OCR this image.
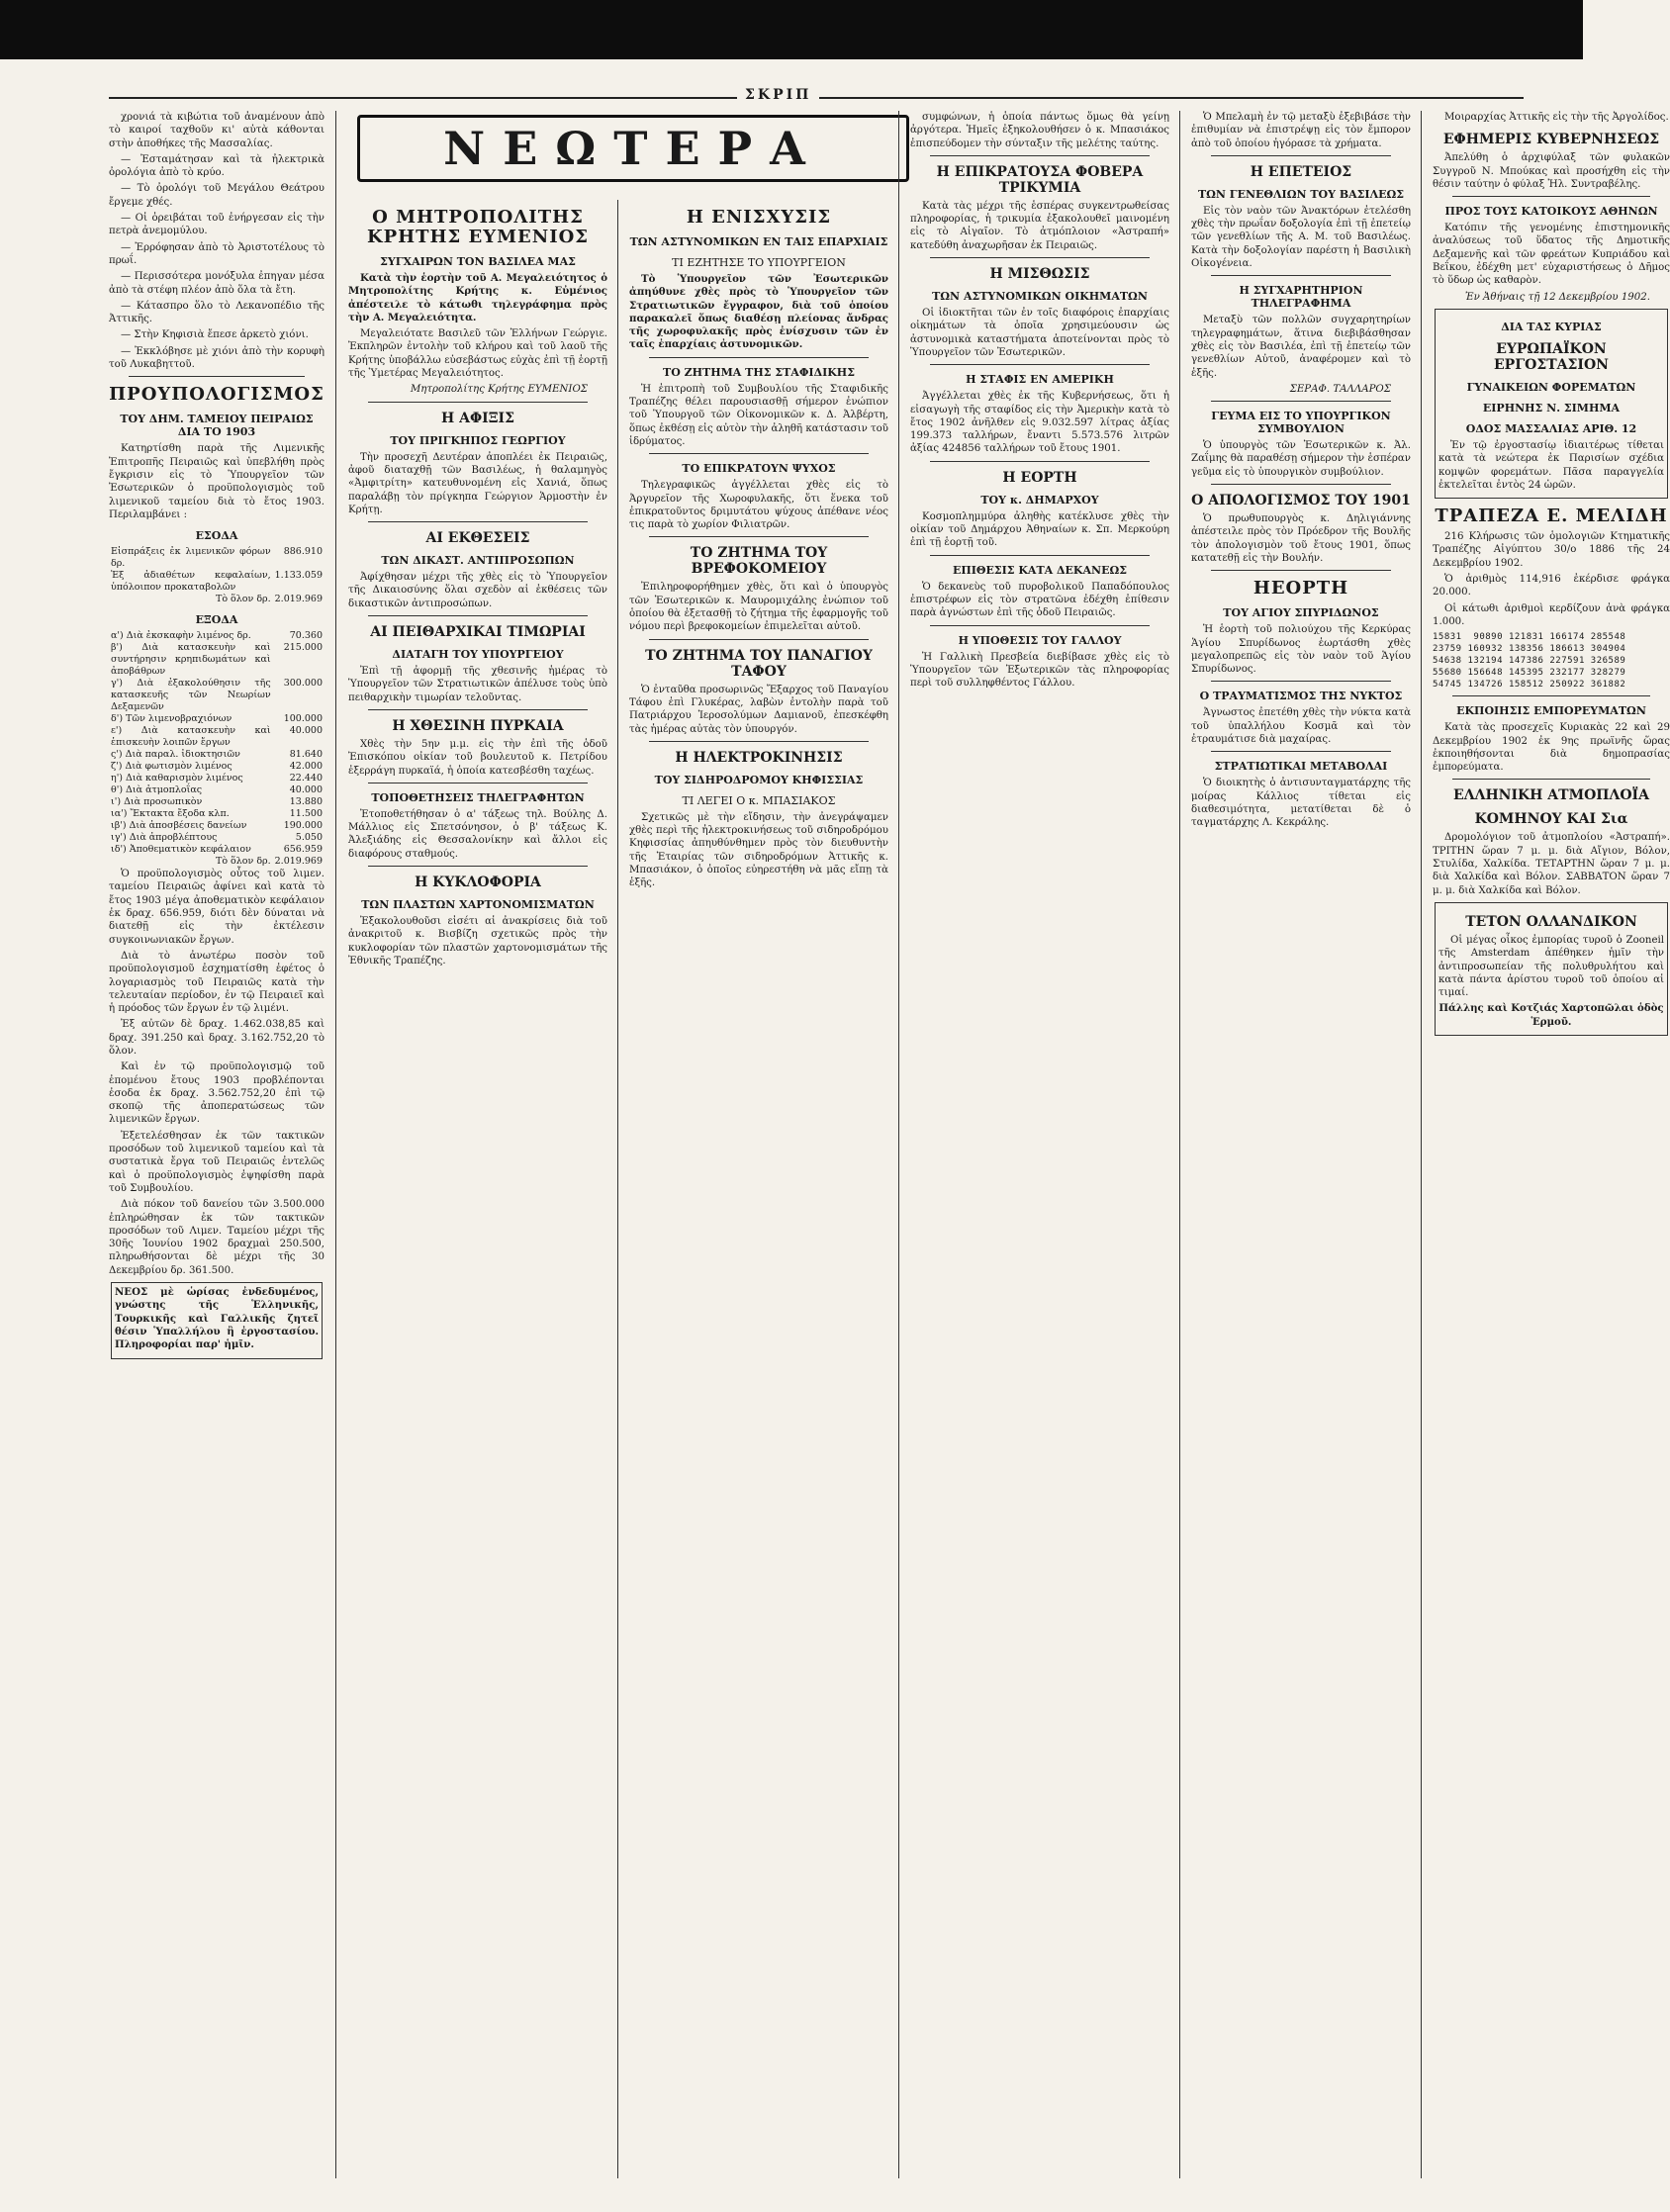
ΣΚΡΙΠ

χρονιά τὰ κιβώτια τοῦ ἀναμένουν ἀπὸ τὸ καιροί ταχθοῦν κι' αὐτὰ κάθονται στὴν ἀποθήκες τῆς Μασσαλίας.

— Ἐσταμάτησαν καὶ τὰ ἠλεκτρικὰ ὀρολόγια ἀπὸ τὸ κρύο.

— Τὸ ὀρολόγι τοῦ Μεγάλου Θεάτρου ἔργεμε χθές.

— Οἱ ὀρειβάται τοῦ ἐνήργεσαν εἰς τὴν πετρὰ ἀνεμομύλου.

— Ἐρρόφησαν ἀπὸ τὸ Ἀριστοτέλους τὸ πρωΐ.

— Περισσότερα μονόξυλα ἐπηγαν μέσα ἀπὸ τὰ στέφη πλέον ἀπὸ ὅλα τὰ ἔτη.

— Κάτασπρο ὅλο τὸ Λεκανοπέδιο τῆς Ἀττικῆς.

— Στὴν Κηφισιὰ ἔπεσε ἀρκετὸ χιόνι.

— Ἐκκλόβησε μὲ χιόνι ἀπὸ τὴν κορυφὴ τοῦ Λυκαβηττοῦ.

ΠΡΟΥΠΟΛΟΓΙΣΜΟΣ
ΤΟΥ ΔΗΜ. ΤΑΜΕΙΟΥ ΠΕΙΡΑΙΩΣ ΔΙΑ ΤΟ 1903

Κατηρτίσθη παρὰ τῆς Λιμενικῆς Ἐπιτροπῆς Πειραιῶς καὶ ὑπεβλήθη πρὸς ἔγκρισιν εἰς τὸ Ὑπουργεῖον τῶν Ἐσωτερικῶν ὁ προϋπολογισμὸς τοῦ λιμενικοῦ ταμείου διὰ τὸ ἔτος 1903. Περιλαμβάνει :

ΕΣΟΔΑ
Εἰσπράξεις ἐκ λιμενικῶν φόρων δρ.	886.910
Ἐξ ἀδιαθέτων κεφαλαίων, ὑπόλοιπον προκαταβολῶν	1.133.059
Τὸ ὅλον δρ.	2.019.969
ΕΞΟΔΑ
α') Διὰ ἐκσκαφὴν λιμένος δρ.	70.360
β') Διὰ κατασκευὴν καὶ συντήρησιν κρηπιδωμάτων καὶ ἀποβάθρων	215.000
γ') Διὰ ἐξακολούθησιν τῆς κατασκευῆς τῶν Νεωρίων Δεξαμενῶν	300.000
δ') Τῶν λιμενοβραχιόνων	100.000
ε') Διὰ κατασκευὴν καὶ ἐπισκευὴν λοιπῶν ἔργων	40.000
ς') Διὰ παραλ. ἰδιοκτησιῶν	81.640
ζ') Διὰ φωτισμὸν λιμένος	42.000
η') Διὰ καθαρισμὸν λιμένος	22.440
θ') Διὰ ἀτμοπλοΐας	40.000
ι') Διὰ προσωπικὸν	13.880
ια') Ἔκτακτα ἔξοδα κλπ.	11.500
ιβ') Διὰ ἀποσβέσεις δανείων	190.000
ιγ') Διὰ ἀπροβλέπτους	5.050
ιδ') Ἀποθεματικὸν κεφάλαιον	656.959
Τὸ ὅλον δρ.	2.019.969

Ὁ προϋπολογισμὸς οὗτος τοῦ λιμεν. ταμείου Πειραιῶς ἀφίνει καὶ κατὰ τὸ ἔτος 1903 μέγα ἀποθεματικὸν κεφάλαιον ἐκ δραχ. 656.959, διότι δὲν δύναται νὰ διατεθῇ εἰς τὴν ἐκτέλεσιν συγκοινωνιακῶν ἔργων.

Διὰ τὸ ἀνωτέρω ποσὸν τοῦ προϋπολογισμοῦ ἐσχηματίσθη ἐφέτος ὁ λογαριασμὸς τοῦ Πειραιῶς κατὰ τὴν τελευταίαν περίοδον, ἐν τῷ Πειραιεῖ καὶ ἡ πρόοδος τῶν ἔργων ἐν τῷ λιμένι.

Ἐξ αὐτῶν δὲ δραχ. 1.462.038,85 καὶ δραχ. 391.250 καὶ δραχ. 3.162.752,20 τὸ ὅλον.

Καὶ ἐν τῷ προϋπολογισμῷ τοῦ ἐπομένου ἔτους 1903 προβλέπονται ἐσοδα ἐκ δραχ. 3.562.752,20 ἐπὶ τῷ σκοπῷ τῆς ἀποπερατώσεως τῶν λιμενικῶν ἔργων.

Ἐξετελέσθησαν ἐκ τῶν τακτικῶν προσόδων τοῦ λιμενικοῦ ταμείου καὶ τὰ συστατικὰ ἔργα τοῦ Πειραιῶς ἐντελῶς καὶ ὁ προϋπολογισμὸς ἐψηφίσθη παρὰ τοῦ Συμβουλίου.

Διὰ πόκον τοῦ δανείου τῶν 3.500.000 ἐπληρώθησαν ἐκ τῶν τακτικῶν προσόδων τοῦ Λιμεν. Ταμείου μέχρι τῆς 30ῆς Ἰουνίου 1902 δραχμαὶ 250.500, πληρωθήσονται δὲ μέχρι τῆς 30 Δεκεμβρίου δρ. 361.500.

ΝΕΟΣ μὲ ὡρίσας ἐνδεδυμένος, γνώστης τῆς Ἑλληνικῆς, Τουρκικῆς καὶ Γαλλικῆς ζητεῖ θέσιν Ὑπαλλήλου ἢ ἐργοστασίου. Πληροφορίαι παρ' ἡμῖν.

ΝΕΩΤΕΡΑ
Ο ΜΗΤΡΟΠΟΛΙΤΗΣ ΚΡΗΤΗΣ ΕΥΜΕΝΙΟΣ
ΣΥΓΧΑΙΡΩΝ ΤΟΝ ΒΑΣΙΛΕΑ ΜΑΣ

Κατὰ τὴν ἑορτὴν τοῦ Α. Μεγαλειότητος ὁ Μητροπολίτης Κρήτης κ. Εὐμένιος ἀπέστειλε τὸ κάτωθι τηλεγράφημα πρὸς τὴν Α. Μεγαλειότητα.

Μεγαλειότατε Βασιλεῦ τῶν Ἑλλήνων Γεώργιε. Ἐκπληρῶν ἐντολὴν τοῦ κλήρου καὶ τοῦ λαοῦ τῆς Κρήτης ὑποβάλλω εὐσεβάστως εὐχὰς ἐπὶ τῇ ἑορτῇ τῆς Ὑμετέρας Μεγαλειότητος.

Μητροπολίτης Κρήτης ΕΥΜΕΝΙΟΣ
Η ΑΦΙΞΙΣ
ΤΟΥ ΠΡΙΓΚΗΠΟΣ ΓΕΩΡΓΙΟΥ

Τὴν προσεχῆ Δευτέραν ἀποπλέει ἐκ Πειραιῶς, ἀφοῦ διαταχθῇ τῶν Βασιλέως, ἡ θαλαμηγὸς «Ἀμφιτρίτη» κατευθυνομένη εἰς Χανιά, ὅπως παραλάβῃ τὸν πρίγκηπα Γεώργιον Ἁρμοστὴν ἐν Κρήτῃ.

ΑΙ ΕΚΘΕΣΕΙΣ
ΤΩΝ ΔΙΚΑΣΤ. ΑΝΤΙΠΡΟΣΩΠΩΝ

Ἀφίχθησαν μέχρι τῆς χθὲς εἰς τὸ Ὑπουργεῖον τῆς Δικαιοσύνης ὅλαι σχεδὸν αἱ ἐκθέσεις τῶν δικαστικῶν ἀντιπροσώπων.

ΑΙ ΠΕΙΘΑΡΧΙΚΑΙ ΤΙΜΩΡΙΑΙ
ΔΙΑΤΑΓΗ ΤΟΥ ΥΠΟΥΡΓΕΙΟΥ

Ἐπὶ τῇ ἀφορμῇ τῆς χθεσινῆς ἡμέρας τὸ Ὑπουργεῖον τῶν Στρατιωτικῶν ἀπέλυσε τοὺς ὑπὸ πειθαρχικὴν τιμωρίαν τελοῦντας.

Η ΧΘΕΣΙΝΗ ΠΥΡΚΑΙΑ

Χθὲς τὴν 5ην μ.μ. εἰς τὴν ἐπὶ τῆς ὁδοῦ Ἐπισκόπου οἰκίαν τοῦ βουλευτοῦ κ. Πετρίδου ἐξερράγη πυρκαϊά, ἡ ὁποία κατεσβέσθη ταχέως.

ΤΟΠΟΘΕΤΗΣΕΙΣ ΤΗΛΕΓΡΑΦΗΤΩΝ

Ἐτοποθετήθησαν ὁ α' τάξεως τηλ. Βούλης Δ. Μάλλιος εἰς Σπετσόνησον, ὁ β' τάξεως Κ. Ἀλεξιάδης εἰς Θεσσαλονίκην καὶ ἄλλοι εἰς διαφόρους σταθμούς.

Η ΚΥΚΛΟΦΟΡΙΑ
ΤΩΝ ΠΛΑΣΤΩΝ ΧΑΡΤΟΝΟΜΙΣΜΑΤΩΝ

Ἐξακολουθοῦσι εἰσέτι αἱ ἀνακρίσεις διὰ τοῦ ἀνακριτοῦ κ. Βισβίζη σχετικῶς πρὸς τὴν κυκλοφορίαν τῶν πλαστῶν χαρτονομισμάτων τῆς Ἐθνικῆς Τραπέζης.

Η ΕΝΙΣΧΥΣΙΣ
ΤΩΝ ΑΣΤΥΝΟΜΙΚΩΝ ΕΝ ΤΑΙΣ ΕΠΑΡΧΙΑΙΣ
ΤΙ ΕΖΗΤΗΣΕ ΤΟ ΥΠΟΥΡΓΕΙΟΝ

Τὸ Ὑπουργεῖον τῶν Ἐσωτερικῶν ἀπηύθυνε χθὲς πρὸς τὸ Ὑπουργεῖον τῶν Στρατιωτικῶν ἔγγραφον, διὰ τοῦ ὁποίου παρακαλεῖ ὅπως διαθέσῃ πλείονας ἄνδρας τῆς χωροφυλακῆς πρὸς ἐνίσχυσιν τῶν ἐν ταῖς ἐπαρχίαις ἀστυνομικῶν.

ΤΟ ΖΗΤΗΜΑ ΤΗΣ ΣΤΑΦΙΔΙΚΗΣ

Ἡ ἐπιτροπὴ τοῦ Συμβουλίου τῆς Σταφιδικῆς Τραπέζης θέλει παρουσιασθῇ σήμερον ἐνώπιον τοῦ Ὑπουργοῦ τῶν Οἰκονομικῶν κ. Δ. Ἀλβέρτη, ὅπως ἐκθέσῃ εἰς αὐτὸν τὴν ἀληθῆ κατάστασιν τοῦ ἱδρύματος.

ΤΟ ΕΠΙΚΡΑΤΟΥΝ ΨΥΧΟΣ

Τηλεγραφικῶς ἀγγέλλεται χθὲς εἰς τὸ Ἀργυρεῖον τῆς Χωροφυλακῆς, ὅτι ἕνεκα τοῦ ἐπικρατοῦντος δριμυτάτου ψύχους ἀπέθανε νέος τις παρὰ τὸ χωρίον Φιλιατρῶν.

ΤΟ ΖΗΤΗΜΑ ΤΟΥ ΒΡΕΦΟΚΟΜΕΙΟΥ

Ἐπιληροφορήθημεν χθὲς, ὅτι καὶ ὁ ὑπουργὸς τῶν Ἐσωτερικῶν κ. Μαυρομιχάλης ἐνώπιον τοῦ ὁποίου θὰ ἐξετασθῇ τὸ ζήτημα τῆς ἐφαρμογῆς τοῦ νόμου περὶ βρεφοκομείων ἐπιμελεῖται αὐτοῦ.

ΤΟ ΖΗΤΗΜΑ ΤΟΥ ΠΑΝΑΓΙΟΥ ΤΑΦΟΥ

Ὁ ἐνταῦθα προσωρινῶς Ἔξαρχος τοῦ Παναγίου Τάφου ἐπὶ Γλυκέρας, λαβὼν ἐντολὴν παρὰ τοῦ Πατριάρχου Ἱεροσολύμων Δαμιανοῦ, ἐπεσκέφθη τὰς ἡμέρας αὐτὰς τὸν ὑπουργόν.

Η ΗΛΕΚΤΡΟΚΙΝΗΣΙΣ
ΤΟΥ ΣΙΔΗΡΟΔΡΟΜΟΥ ΚΗΦΙΣΣΙΑΣ
ΤΙ ΛΕΓΕΙ Ο κ. ΜΠΑΣΙΑΚΟΣ

Σχετικῶς μὲ τὴν εἴδησιν, τὴν ἀνεγράψαμεν χθὲς περὶ τῆς ἠλεκτροκινήσεως τοῦ σιδηροδρόμου Κηφισσίας ἀπηυθύνθημεν πρὸς τὸν διευθυντὴν τῆς Ἑταιρίας τῶν σιδηροδρόμων Ἀττικῆς κ. Μπασιάκον, ὁ ὁποῖος εὐηρεστήθη νὰ μᾶς εἴπῃ τὰ ἑξῆς.

συμφώνων, ἡ ὁποία πάντως ὅμως θὰ γείνῃ ἀργότερα. Ἡμεῖς ἐξηκολουθήσεν ὁ κ. Μπασιάκος ἐπισπεύδομεν τὴν σύνταξιν τῆς μελέτης ταύτης.

Η ΕΠΙΚΡΑΤΟΥΣΑ ΦΟΒΕΡΑ ΤΡΙΚΥΜΙΑ

Κατὰ τὰς μέχρι τῆς ἑσπέρας συγκεντρωθείσας πληροφορίας, ἡ τρικυμία ἐξακολουθεῖ μαινομένη εἰς τὸ Αἰγαῖον. Τὸ ἀτμόπλοιον «Ἀστραπή» κατεδύθη ἀναχωρῆσαν ἐκ Πειραιῶς.

Η ΜΙΣΘΩΣΙΣ
ΤΩΝ ΑΣΤΥΝΟΜΙΚΩΝ ΟΙΚΗΜΑΤΩΝ

Οἱ ἰδιοκτῆται τῶν ἐν τοῖς διαφόροις ἐπαρχίαις οἰκημάτων τὰ ὁποῖα χρησιμεύουσιν ὡς ἀστυνομικὰ καταστήματα ἀποτείνονται πρὸς τὸ Ὑπουργεῖον τῶν Ἐσωτερικῶν.

Η ΣΤΑΦΙΣ ΕΝ ΑΜΕΡΙΚΗ

Ἀγγέλλεται χθὲς ἐκ τῆς Κυβερνήσεως, ὅτι ἡ εἰσαγωγὴ τῆς σταφίδος εἰς τὴν Ἀμερικὴν κατὰ τὸ ἔτος 1902 ἀνῆλθεν εἰς 9.032.597 λίτρας ἀξίας 199.373 ταλλήρων, ἔναντι 5.573.576 λιτρῶν ἀξίας 424856 ταλλήρων τοῦ ἔτους 1901.

Η ΕΟΡΤΗ
ΤΟΥ κ. ΔΗΜΑΡΧΟΥ

Κοσμοπλημμύρα ἀληθὴς κατέκλυσε χθὲς τὴν οἰκίαν τοῦ Δημάρχου Ἀθηναίων κ. Σπ. Μερκούρη ἐπὶ τῇ ἑορτῇ τοῦ.

ΕΠΙΘΕΣΙΣ ΚΑΤΑ ΔΕΚΑΝΕΩΣ

Ὁ δεκανεὺς τοῦ πυροβολικοῦ Παπαδόπουλος ἐπιστρέφων εἰς τὸν στρατῶνα ἐδέχθη ἐπίθεσιν παρὰ ἀγνώστων ἐπὶ τῆς ὁδοῦ Πειραιῶς.

Η ΥΠΟΘΕΣΙΣ ΤΟΥ ΓΑΛΛΟΥ

Ἡ Γαλλικὴ Πρεσβεία διεβίβασε χθὲς εἰς τὸ Ὑπουργεῖον τῶν Ἐξωτερικῶν τὰς πληροφορίας περὶ τοῦ συλληφθέντος Γάλλου.

Ὁ Μπελαμὴ ἐν τῷ μεταξὺ ἐξεβιβάσε τὴν ἐπιθυμίαν νὰ ἐπιστρέψῃ εἰς τὸν ἔμπορον ἀπὸ τοῦ ὁποίου ἠγόρασε τὰ χρήματα.

Η ΕΠΕΤΕΙΟΣ
ΤΩΝ ΓΕΝΕΘΛΙΩΝ ΤΟΥ ΒΑΣΙΛΕΩΣ

Εἰς τὸν ναὸν τῶν Ἀνακτόρων ἐτελέσθη χθὲς τὴν πρωΐαν δοξολογία ἐπὶ τῇ ἐπετείῳ τῶν γενεθλίων τῆς Α. Μ. τοῦ Βασιλέως. Κατὰ τὴν δοξολογίαν παρέστη ἡ Βασιλικὴ Οἰκογένεια.

Η ΣΥΓΧΑΡΗΤΗΡΙΟΝ ΤΗΛΕΓΡΑΦΗΜΑ

Μεταξὺ τῶν πολλῶν συγχαρητηρίων τηλεγραφημάτων, ἅτινα διεβιβάσθησαν χθὲς εἰς τὸν Βασιλέα, ἐπὶ τῇ ἐπετείῳ τῶν γενεθλίων Αὐτοῦ, ἀναφέρομεν καὶ τὸ ἑξῆς.

ΣΕΡΑΦ. ΤΑΛΛΑΡΟΣ
ΓΕΥΜΑ ΕΙΣ ΤΟ ΥΠΟΥΡΓΙΚΟΝ ΣΥΜΒΟΥΛΙΟΝ

Ὁ ὑπουργὸς τῶν Ἐσωτερικῶν κ. Ἀλ. Ζαΐμης θὰ παραθέσῃ σήμερον τὴν ἑσπέραν γεῦμα εἰς τὸ ὑπουργικὸν συμβούλιον.

Ο ΑΠΟΛΟΓΙΣΜΟΣ ΤΟΥ 1901

Ὁ πρωθυπουργὸς κ. Δηλιγιάννης ἀπέστειλε πρὸς τὸν Πρόεδρον τῆς Βουλῆς τὸν ἀπολογισμὸν τοῦ ἔτους 1901, ὅπως κατατεθῇ εἰς τὴν Βουλήν.

ΗΕΟΡΤΗ
ΤΟΥ ΑΓΙΟΥ ΣΠΥΡΙΔΩΝΟΣ

Ἡ ἑορτὴ τοῦ πολιούχου τῆς Κερκύρας Ἁγίου Σπυρίδωνος ἑωρτάσθη χθὲς μεγαλοπρεπῶς εἰς τὸν ναὸν τοῦ Ἁγίου Σπυρίδωνος.

Ο ΤΡΑΥΜΑΤΙΣΜΟΣ ΤΗΣ ΝΥΚΤΟΣ

Ἀγνωστος ἐπετέθη χθὲς τὴν νύκτα κατὰ τοῦ ὑπαλλήλου Κοσμᾶ καὶ τὸν ἐτραυμάτισε διὰ μαχαίρας.

ΣΤΡΑΤΙΩΤΙΚΑΙ ΜΕΤΑΒΟΛΑΙ

Ὁ διοικητὴς ὁ ἀντισυνταγματάρχης τῆς μοίρας Κάλλιος τίθεται εἰς διαθεσιμότητα, μετατίθεται δὲ ὁ ταγματάρχης Λ. Κεκράλης.

Μοιραρχίας Ἀττικῆς εἰς τὴν τῆς Ἀργολίδος.

ΕΦΗΜΕΡΙΣ ΚΥΒΕΡΝΗΣΕΩΣ

Ἀπελύθη ὁ ἀρχιφύλαξ τῶν φυλακῶν Συγγροῦ Ν. Μπούκας καὶ προσήχθη εἰς τὴν θέσιν ταύτην ὁ φύλαξ Ἠλ. Συντραβέλης.

ΠΡΟΣ ΤΟΥΣ ΚΑΤΟΙΚΟΥΣ ΑΘΗΝΩΝ

Κατόπιν τῆς γενομένης ἐπιστημονικῆς ἀναλύσεως τοῦ ὕδατος τῆς Δημοτικῆς Δεξαμενῆς καὶ τῶν φρεάτων Κυπριάδου καὶ Βεΐκου, ἐδέχθη μετ' εὐχαριστήσεως ὁ Δῆμος τὸ ὕδωρ ὡς καθαρὸν.

Ἐν Ἀθήναις τῇ 12 Δεκεμβρίου 1902.
ΔΙΑ ΤΑΣ ΚΥΡΙΑΣ
ΕΥΡΩΠΑΪΚΟΝ ΕΡΓΟΣΤΑΣΙΟΝ
ΓΥΝΑΙΚΕΙΩΝ ΦΟΡΕΜΑΤΩΝ
ΕΙΡΗΝΗΣ Ν. ΣΙΜΗΜΑ
ΟΔΟΣ ΜΑΣΣΑΛΙΑΣ ΑΡΙΘ. 12

Ἐν τῷ ἐργοστασίῳ ἰδιαιτέρως τίθεται κατὰ τὰ νεώτερα ἐκ Παρισίων σχέδια κομψῶν φορεμάτων. Πᾶσα παραγγελία ἐκτελεῖται ἐντὸς 24 ὡρῶν.

ΤΡΑΠΕΖΑ Ε. ΜΕΛΙΔΗ

216 Κλήρωσις τῶν ὁμολογιῶν Κτηματικῆς Τραπέζης Αἰγύπτου 30/ο 1886 τῆς 24 Δεκεμβρίου 1902.

Ὁ ἀριθμὸς 114,916 ἐκέρδισε φράγκα 20.000.

Οἱ κάτωθι ἀριθμοὶ κερδίζουν ἀνὰ φράγκα 1.000.

15831  90890 121831 166174 285548
23759 160932 138356 186613 304904
54638 132194 147386 227591 326589
55680 156648 145395 232177 328279
54745 134726 158512 250922 361882
ΕΚΠΟΙΗΣΙΣ ΕΜΠΟΡΕΥΜΑΤΩΝ

Κατὰ τὰς προσεχεῖς Κυριακὰς 22 καὶ 29 Δεκεμβρίου 1902 ἐκ 9ης πρωϊνῆς ὥρας ἐκποιηθήσονται διὰ δημοπρασίας ἐμπορεύματα.

ΕΛΛΗΝΙΚΗ ΑΤΜΟΠΛΟΪΑ
ΚΟΜΗΝΟΥ ΚΑΙ Σια

Δρομολόγιον τοῦ ἀτμοπλοίου «Ἀστραπή». ΤΡΙΤΗΝ ὥραν 7 μ. μ. διὰ Αἴγιον, Βόλον, Στυλίδα, Χαλκίδα. ΤΕΤΑΡΤΗΝ ὥραν 7 μ. μ. διὰ Χαλκίδα καὶ Βόλον. ΣΑΒΒΑΤΟΝ ὥραν 7 μ. μ. διὰ Χαλκίδα καὶ Βόλον.

ΤΕΤΟΝ ΟΛΛΑΝΔΙΚΟΝ

Οἱ μέγας οἶκος ἐμπορίας τυροῦ ὁ Zooneil τῆς Amsterdam ἀπέθηκεν ἡμῖν τὴν ἀντιπροσωπείαν τῆς πολυθρυλήτου καὶ κατὰ πάντα ἀρίστου τυροῦ τοῦ ὁποίου αἱ τιμαί.

Πάλλης καὶ Κοτζιάς Χαρτοπῶλαι ὁδὸς Ἑρμοῦ.
